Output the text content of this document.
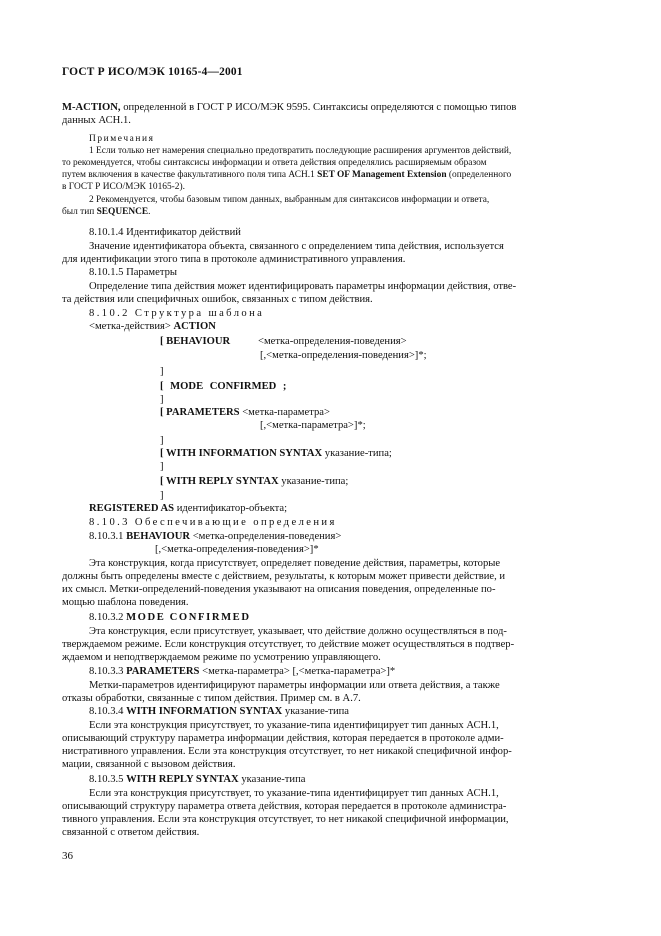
ГОСТ Р ИСО/МЭК 10165-4—2001
M-ACTION, определенной в ГОСТ Р ИСО/МЭК 9595. Синтаксисы определяются с помощью типов
данных АСН.1.
Примечания
1 Если только нет намерения специально предотвратить последующие расширения аргументов действий,
то рекомендуется, чтобы синтаксисы информации и ответа действия определялись расширяемым образом
путем включения в качестве факультативного поля типа АСН.1 SET OF Management Extension (определенного
в ГОСТ Р ИСО/МЭК 10165-2).
2 Рекомендуется, чтобы базовым типом данных, выбранным для синтаксисов информации и ответа,
был тип SEQUENCE.
8.10.1.4 Идентификатор действий
Значение идентификатора объекта, связанного с определением типа действия, используется
для идентификации этого типа в протоколе административного управления.
8.10.1.5 Параметры
Определение типа действия может идентифицировать параметры информации действия, отве-
та действия или специфичных ошибок, связанных с типом действия.
8.10.2 Структура шаблона
<метка-действия> ACTION
[ BEHAVIOUR	<метка-определения-поведения>
[,<метка-определения-поведения>]*;
]
[ MODE CONFIRMED ;
]
[ PARAMETERS <метка-параметра>
[,<метка-параметра>]*;
]
[ WITH INFORMATION SYNTAX указание-типа;
]
[ WITH REPLY SYNTAX указание-типа;
]
REGISTERED AS идентификатор-объекта;
8.10.3 Обеспечивающие определения
8.10.3.1 BEHAVIOUR <метка-определения-поведения>
[,<метка-определения-поведения>]*
Эта конструкция, когда присутствует, определяет поведение действия, параметры, которые
должны быть определены вместе с действием, результаты, к которым может привести действие, и
их смысл. Метки-определений-поведения указывают на описания поведения, определенные по-
мощью шаблона поведения.
8.10.3.2 MODE CONFIRMED
Эта конструкция, если присутствует, указывает, что действие должно осуществляться в под-
тверждаемом режиме. Если конструкция отсутствует, то действие может осуществляться в подтвер-
ждаемом и неподтверждаемом режиме по усмотрению управляющего.
8.10.3.3 PARAMETERS <метка-параметра> [,<метка-параметра>]*
Метки-параметров идентифицируют параметры информации или ответа действия, а также
отказы обработки, связанные с типом действия. Пример см. в А.7.
8.10.3.4 WITH INFORMATION SYNTAX указание-типа
Если эта конструкция присутствует, то указание-типа идентифицирует тип данных АСН.1,
описывающий структуру параметра информации действия, которая передается в протоколе адми-
нистративного управления. Если эта конструкция отсутствует, то нет никакой специфичной инфор-
мации, связанной с вызовом действия.
8.10.3.5 WITH REPLY SYNTAX указание-типа
Если эта конструкция присутствует, то указание-типа идентифицирует тип данных АСН.1,
описывающий структуру параметра ответа действия, которая передается в протоколе администра-
тивного управления. Если эта конструкция отсутствует, то нет никакой специфичной информации,
связанной с ответом действия.
36
